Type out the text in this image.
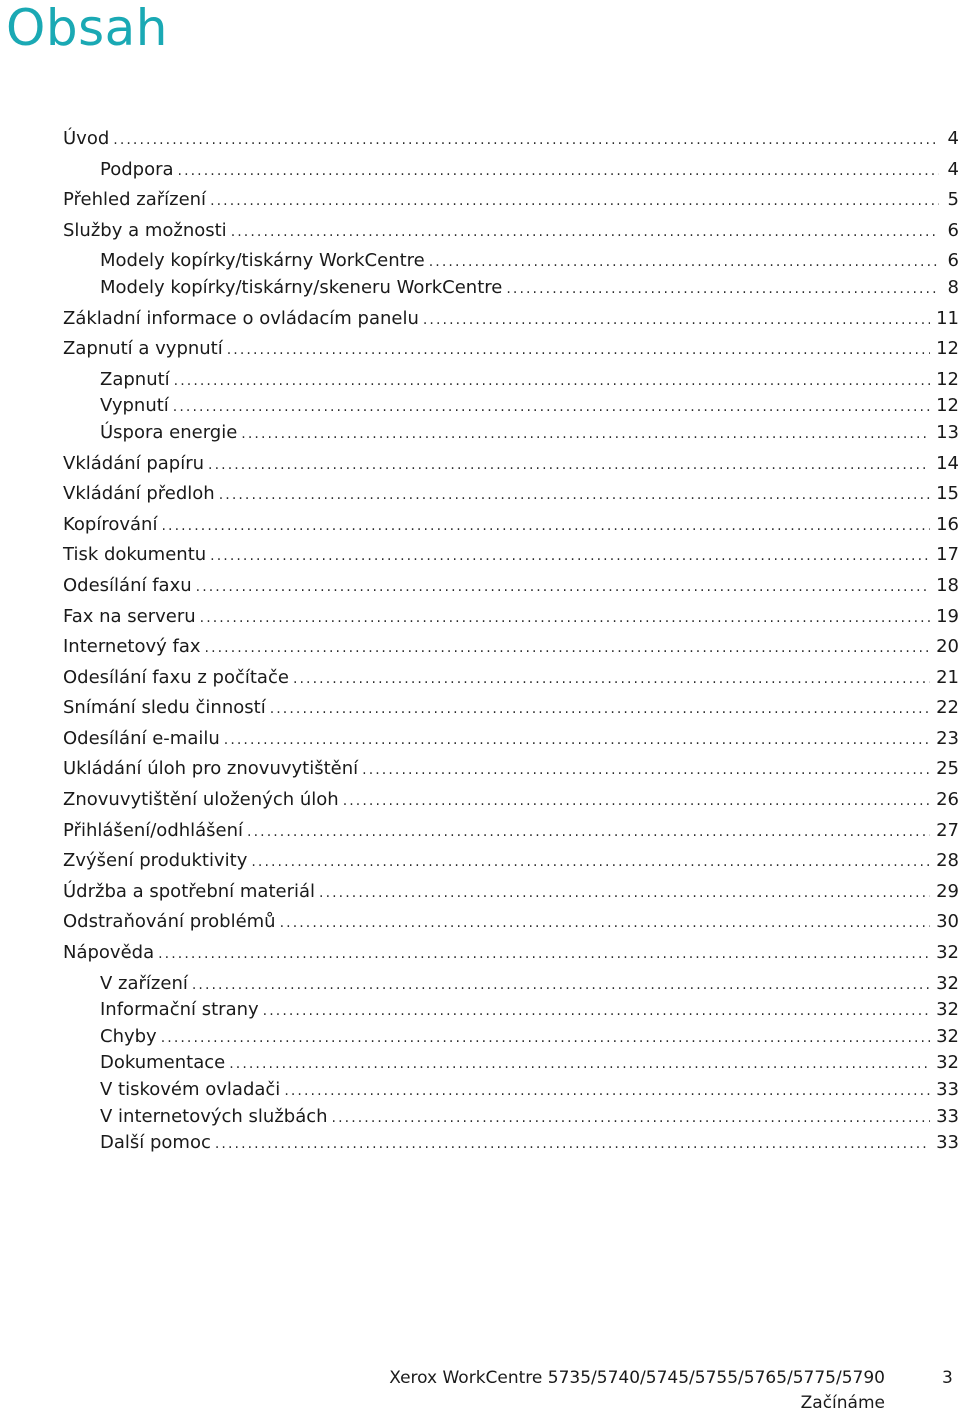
Obsah
Úvod .....	4
Podpora .....	4
Přehled zařízení .....	5
Služby a možnosti .....	6
Modely kopírky/tiskárny WorkCentre .....	6
Modely kopírky/tiskárny/skeneru WorkCentre .....	8
Základní informace o ovládacím panelu .....	11
Zapnutí a vypnutí .....	12
Zapnutí .....	12
Vypnutí .....	12
Úspora energie .....	13
Vkládání papíru .....	14
Vkládání předloh .....	15
Kopírování .....	16
Tisk dokumentu .....	17
Odesílání faxu .....	18
Fax na serveru .....	19
Internetový fax .....	20
Odesílání faxu z počítače .....	21
Snímání sledu činností .....	22
Odesílání e-mailu .....	23
Ukládání úloh pro znovuvytištění .....	25
Znovuvytištění uložených úloh .....	26
Přihlášení/odhlášení .....	27
Zvýšení produktivity .....	28
Údržba a spotřební materiál .....	29
Odstraňování problémů .....	30
Nápověda .....	32
V zařízení .....	32
Informační strany .....	32
Chyby .....	32
Dokumentace .....	32
V tiskovém ovladači .....	33
V internetových službách .....	33
Další pomoc .....	33
Xerox WorkCentre 5735/5740/5745/5755/5765/5775/5790
Začínáme
3
